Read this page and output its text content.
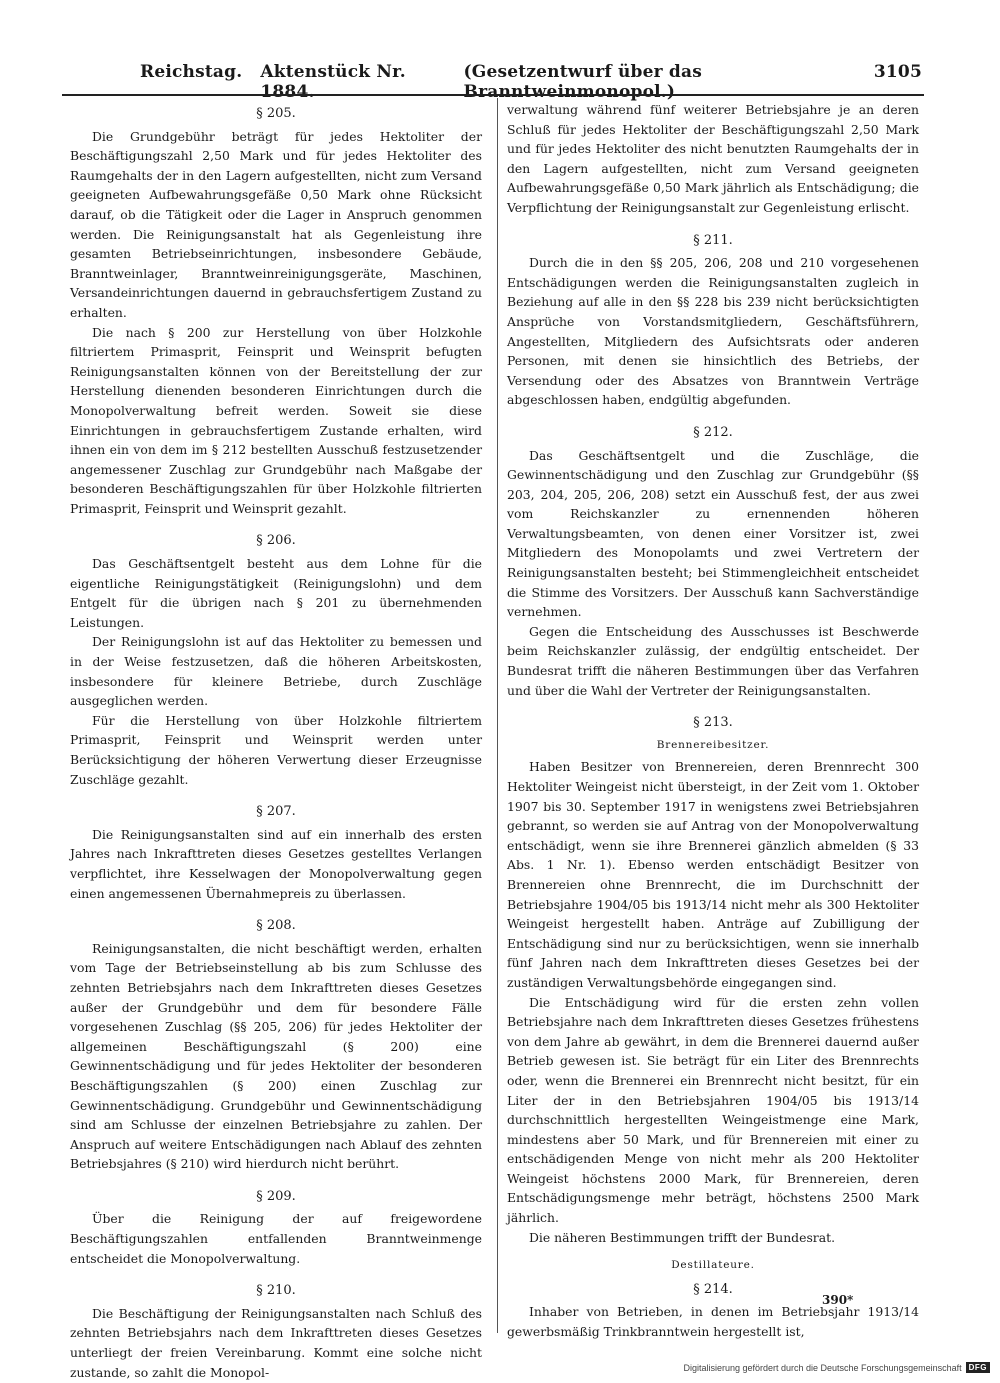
Reichstag. Aktenstück Nr. 1884.
(Gesetzentwurf über das Branntweinmonopol.)
3105
§ 205.

Die Grundgebühr beträgt für jedes Hektoliter der Beschäftigungszahl 2,50 Mark und für jedes Hektoliter des Raumgehalts der in den Lagern aufgestellten, nicht zum Versand geeigneten Aufbewahrungsgefäße 0,50 Mark ohne Rücksicht darauf, ob die Tätigkeit oder die Lager in Anspruch genommen werden. Die Reinigungsanstalt hat als Gegenleistung ihre gesamten Betriebseinrichtungen, insbesondere Gebäude, Branntweinlager, Branntweinreinigungsgeräte, Maschinen, Versandeinrichtungen dauernd in gebrauchsfertigem Zustand zu erhalten.

Die nach § 200 zur Herstellung von über Holzkohle filtriertem Primasprit, Feinsprit und Weinsprit befugten Reinigungsanstalten können von der Bereitstellung der zur Herstellung dienenden besonderen Einrichtungen durch die Monopolverwaltung befreit werden. Soweit sie diese Einrichtungen in gebrauchsfertigem Zustande erhalten, wird ihnen ein von dem im § 212 bestellten Ausschuß festzusetzender angemessener Zuschlag zur Grundgebühr nach Maßgabe der besonderen Beschäftigungszahlen für über Holzkohle filtrierten Primasprit, Feinsprit und Weinsprit gezahlt.

§ 206.

Das Geschäftsentgelt besteht aus dem Lohne für die eigentliche Reinigungstätigkeit (Reinigungslohn) und dem Entgelt für die übrigen nach § 201 zu übernehmenden Leistungen.

Der Reinigungslohn ist auf das Hektoliter zu bemessen und in der Weise festzusetzen, daß die höheren Arbeitskosten, insbesondere für kleinere Betriebe, durch Zuschläge ausgeglichen werden.

Für die Herstellung von über Holzkohle filtriertem Primasprit, Feinsprit und Weinsprit werden unter Berücksichtigung der höheren Verwertung dieser Erzeugnisse Zuschläge gezahlt.

§ 207.

Die Reinigungsanstalten sind auf ein innerhalb des ersten Jahres nach Inkrafttreten dieses Gesetzes gestelltes Verlangen verpflichtet, ihre Kesselwagen der Monopolverwaltung gegen einen angemessenen Übernahmepreis zu überlassen.

§ 208.

Reinigungsanstalten, die nicht beschäftigt werden, erhalten vom Tage der Betriebseinstellung ab bis zum Schlusse des zehnten Betriebsjahrs nach dem Inkrafttreten dieses Gesetzes außer der Grundgebühr und dem für besondere Fälle vorgesehenen Zuschlag (§§ 205, 206) für jedes Hektoliter der allgemeinen Beschäftigungszahl (§ 200) eine Gewinnentschädigung und für jedes Hektoliter der besonderen Beschäftigungszahlen (§ 200) einen Zuschlag zur Gewinnentschädigung. Grundgebühr und Gewinnentschädigung sind am Schlusse der einzelnen Betriebsjahre zu zahlen. Der Anspruch auf weitere Entschädigungen nach Ablauf des zehnten Betriebsjahres (§ 210) wird hierdurch nicht berührt.

§ 209.

Über die Reinigung der auf freigewordene Beschäftigungszahlen entfallenden Branntweinmenge entscheidet die Monopolverwaltung.

§ 210.

Die Beschäftigung der Reinigungsanstalten nach Schluß des zehnten Betriebsjahrs nach dem Inkrafttreten dieses Gesetzes unterliegt der freien Vereinbarung. Kommt eine solche nicht zustande, so zahlt die Monopol-

verwaltung während fünf weiterer Betriebsjahre je an deren Schluß für jedes Hektoliter der Beschäftigungszahl 2,50 Mark und für jedes Hektoliter des nicht benutzten Raumgehalts der in den Lagern aufgestellten, nicht zum Versand geeigneten Aufbewahrungsgefäße 0,50 Mark jährlich als Entschädigung; die Verpflichtung der Reinigungsanstalt zur Gegenleistung erlischt.

§ 211.

Durch die in den §§ 205, 206, 208 und 210 vorgesehenen Entschädigungen werden die Reinigungsanstalten zugleich in Beziehung auf alle in den §§ 228 bis 239 nicht berücksichtigten Ansprüche von Vorstandsmitgliedern, Geschäftsführern, Angestellten, Mitgliedern des Aufsichtsrats oder anderen Personen, mit denen sie hinsichtlich des Betriebs, der Versendung oder des Absatzes von Branntwein Verträge abgeschlossen haben, endgültig abgefunden.

§ 212.

Das Geschäftsentgelt und die Zuschläge, die Gewinnentschädigung und den Zuschlag zur Grundgebühr (§§ 203, 204, 205, 206, 208) setzt ein Ausschuß fest, der aus zwei vom Reichskanzler zu ernennenden höheren Verwaltungsbeamten, von denen einer Vorsitzer ist, zwei Mitgliedern des Monopolamts und zwei Vertretern der Reinigungsanstalten besteht; bei Stimmengleichheit entscheidet die Stimme des Vorsitzers. Der Ausschuß kann Sachverständige vernehmen.

Gegen die Entscheidung des Ausschusses ist Beschwerde beim Reichskanzler zulässig, der endgültig entscheidet. Der Bundesrat trifft die näheren Bestimmungen über das Verfahren und über die Wahl der Vertreter der Reinigungsanstalten.

§ 213.
Brennereibesitzer.

Haben Besitzer von Brennereien, deren Brennrecht 300 Hektoliter Weingeist nicht übersteigt, in der Zeit vom 1. Oktober 1907 bis 30. September 1917 in wenigstens zwei Betriebsjahren gebrannt, so werden sie auf Antrag von der Monopolverwaltung entschädigt, wenn sie ihre Brennerei gänzlich abmelden (§ 33 Abs. 1 Nr. 1). Ebenso werden entschädigt Besitzer von Brennereien ohne Brennrecht, die im Durchschnitt der Betriebsjahre 1904/05 bis 1913/14 nicht mehr als 300 Hektoliter Weingeist hergestellt haben. Anträge auf Zubilligung der Entschädigung sind nur zu berücksichtigen, wenn sie innerhalb fünf Jahren nach dem Inkrafttreten dieses Gesetzes bei der zuständigen Verwaltungsbehörde eingegangen sind.

Die Entschädigung wird für die ersten zehn vollen Betriebsjahre nach dem Inkrafttreten dieses Gesetzes frühestens von dem Jahre ab gewährt, in dem die Brennerei dauernd außer Betrieb gewesen ist. Sie beträgt für ein Liter des Brennrechts oder, wenn die Brennerei ein Brennrecht nicht besitzt, für ein Liter der in den Betriebsjahren 1904/05 bis 1913/14 durchschnittlich hergestellten Weingeistmenge eine Mark, mindestens aber 50 Mark, und für Brennereien mit einer zu entschädigenden Menge von nicht mehr als 200 Hektoliter Weingeist höchstens 2000 Mark, für Brennereien, deren Entschädigungsmenge mehr beträgt, höchstens 2500 Mark jährlich.

Die näheren Bestimmungen trifft der Bundesrat.

Destillateure.
§ 214.

Inhaber von Betrieben, in denen im Betriebsjahr 1913/14 gewerbsmäßig Trinkbranntwein hergestellt ist,

390*
Digitalisierung gefördert durch die Deutsche Forschungsgemeinschaft DFG
